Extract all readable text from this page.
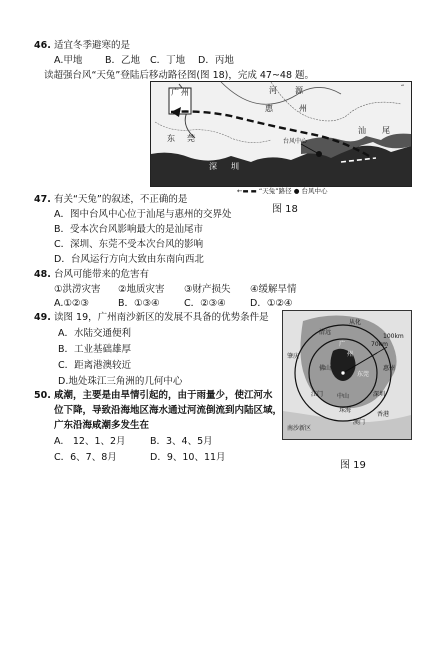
46. 适宜冬季避寒的是
A.甲地 B．乙地 C．丁地 D．丙地
读超强台风“天兔”登陆后移动路径图(图 18)，完成 47~48 题。
广 州	河 源
惠	州
汕 尾
东 莞
深 圳
台风中心
“
←▬ ▬ “天兔”路径 ● 台风中心
图 18
47. 有关“天兔”的叙述，不正确的是
A．图中台风中心位于汕尾与惠州的交界处
B．受本次台风影响最大的是汕尾市
C．深圳、东莞不受本次台风的影响
D．台风运行方向大致由东南向西北
48. 台风可能带来的危害有
①洪涝灾害 ②地质灾害 ③财产损失 ④缓解旱情
A.①②③	B．①③④	C．②③④	D．①②④
49. 读图 19，广州南沙新区的发展不具备的优势条件是
A．水陆交通便利
B．工业基础雄厚
C．距离港澳较近
D.地处珠江三角洲的几何中心
50. 咸潮，主要是由旱情引起的，由于雨量少，使江河水
位下降，导致沿海地区海水通过河流倒流到内陆区域，
广东沿海咸潮多发生在
A.　12、1、2月	B．3、4、5月
C．6、7、8月	D．9、10、11月
从化
清远
广
肇庆
佛山
州
东莞
惠州
江门 中山	深圳
珠海
澳门
香港
南沙新区
70km
100km
图 19
